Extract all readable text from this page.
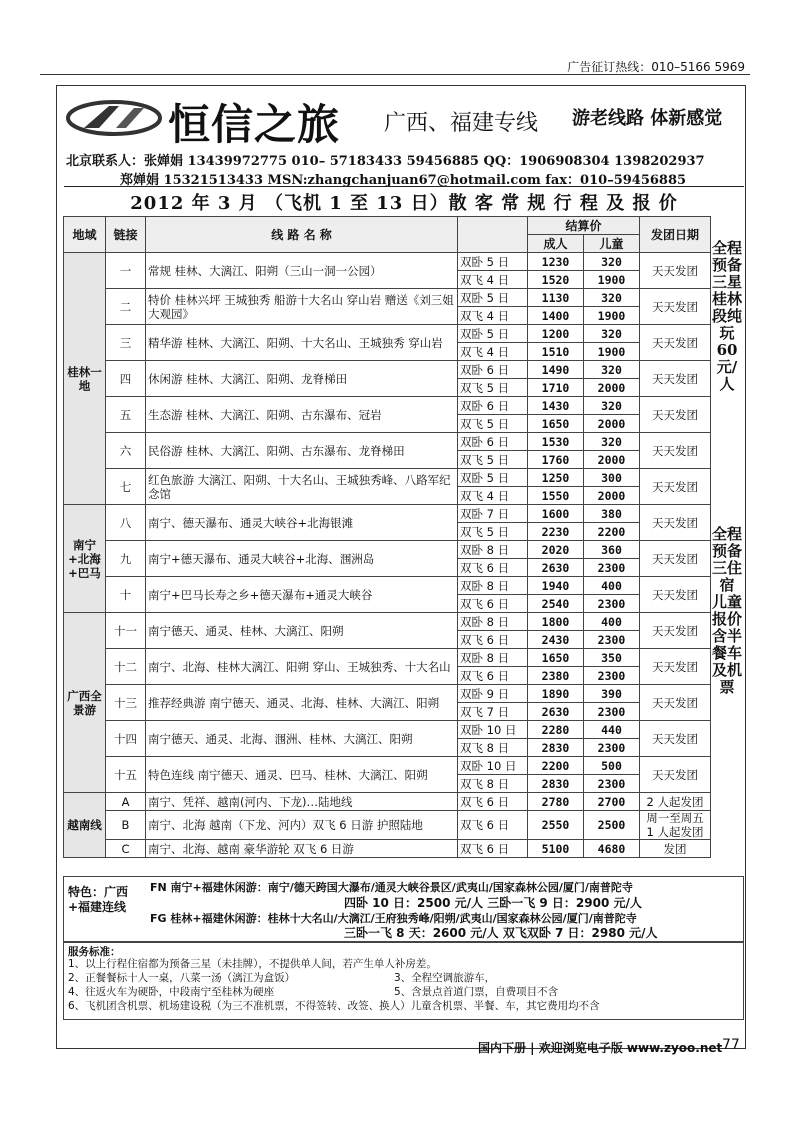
广告征订热线：010–5166 5969
恒信之旅 广西、福建专线 游老线路 体新感觉
北京联系人：张婵娟 13439972775 010– 57183433 59456885 QQ：1906908304 1398202937
郑婵娟 15321513433 MSN:zhangchanjuan67@hotmail.com fax：010–59456885
2012 年 3 月 （飞机 1 至 13 日）散 客 常 规 行 程 及 报 价
地域	链接	线 路 名 称		结算价		发团日期
				成人	儿童	
桂林一地	一	常规 桂林、大漓江、阳朔（三山一洞一公园）	双卧 5 日	1230	320	天天发团
			双飞 4 日	1520	1900	
	二	特价 桂林兴坪 王城独秀 船游十大名山 穿山岩 赠送《刘三姐大观园》	双卧 5 日	1130	320	天天发团
			双飞 4 日	1400	1900	
	三	精华游 桂林、大漓江、阳朔、十大名山、王城独秀 穿山岩	双卧 5 日	1200	320	天天发团
			双飞 4 日	1510	1900	
	四	休闲游 桂林、大漓江、阳朔、龙脊梯田	双卧 6 日	1490	320	天天发团
			双飞 5 日	1710	2000	
	五	生态游 桂林、大漓江、阳朔、古东瀑布、冠岩	双卧 6 日	1430	320	天天发团
			双飞 5 日	1650	2000	
	六	民俗游 桂林、大漓江、阳朔、古东瀑布、龙脊梯田	双卧 6 日	1530	320	天天发团
			双飞 5 日	1760	2000	
	七	红色旅游 大漓江、阳朔、十大名山、王城独秀峰、八路军纪念馆	双卧 5 日	1250	300	天天发团
			双飞 4 日	1550	2000	
南宁+北海+巴马	八	南宁、德天瀑布、通灵大峡谷+北海银滩	双卧 7 日	1600	380	天天发团
			双飞 5 日	2230	2200	
	九	南宁+德天瀑布、通灵大峡谷+北海、涠洲岛	双卧 8 日	2020	360	天天发团
			双飞 6 日	2630	2300	
	十	南宁+巴马长寿之乡+德天瀑布+通灵大峡谷	双卧 8 日	1940	400	天天发团
			双飞 6 日	2540	2300	
广西全景游	十一	南宁德天、通灵、桂林、大漓江、阳朔	双卧 8 日	1800	400	天天发团
			双飞 6 日	2430	2300	
	十二	南宁、北海、桂林大漓江、阳朔 穿山、王城独秀、十大名山	双卧 8 日	1650	350	天天发团
			双飞 6 日	2380	2300	
	十三	推荐经典游 南宁德天、通灵、北海、桂林、大漓江、阳朔	双卧 9 日	1890	390	天天发团
			双飞 7 日	2630	2300	
	十四	南宁德天、通灵、北海、涠洲、桂林、大漓江、阳朔	双卧 10 日	2280	440	天天发团
			双飞 8 日	2830	2300	
	十五	特色连线 南宁德天、通灵、巴马、桂林、大漓江、阳朔	双卧 10 日	2200	500	天天发团
			双飞 8 日	2830	2300	
越南线	A	南宁、凭祥、越南(河内、下龙)…陆地线	双飞 6 日	2780	2700	2 人起发团
	B	南宁、北海 越南（下龙、河内）双飞 6 日游 护照陆地	双飞 6 日	2550	2500	周一至周五 1 人起发团
	C	南宁、北海、越南 豪华游轮 双飞 6 日游	双飞 6 日	5100	4680	发团
全程预备三星 桂林段纯玩 60 元/人
全程预备三住宿 儿童报价含半餐车及机票
特色：广西+福建连线
FN 南宁+福建休闲游：南宁/德天跨国大瀑布/通灵大峡谷景区/武夷山/国家森林公园/厦门/南普陀寺
四卧 10 日：2500 元/人 三卧一飞 9 日：2900 元/人
FG 桂林+福建休闲游：桂林十大名山/大漓江/王府独秀峰/阳朔/武夷山/国家森林公园/厦门/南普陀寺
三卧一飞 8 天：2600 元/人 双飞双卧 7 日：2980 元/人
服务标准：
1、以上行程住宿都为预备三星（未挂牌），不提供单人间，若产生单人补房差。
2、正餐餐标十人一桌，八菜一汤（漓江为盒饭）	3、全程空调旅游车，
4、往返火车为硬卧，中段南宁至桂林为硬座	5、含景点首道门票，自费项目不含
6、飞机团含机票、机场建设税（为三不准机票，不得签转、改签、换人）儿童含机票、半餐、车，其它费用均不含
国内下册 | 欢迎浏览电子版 www.zyoo.net 77
